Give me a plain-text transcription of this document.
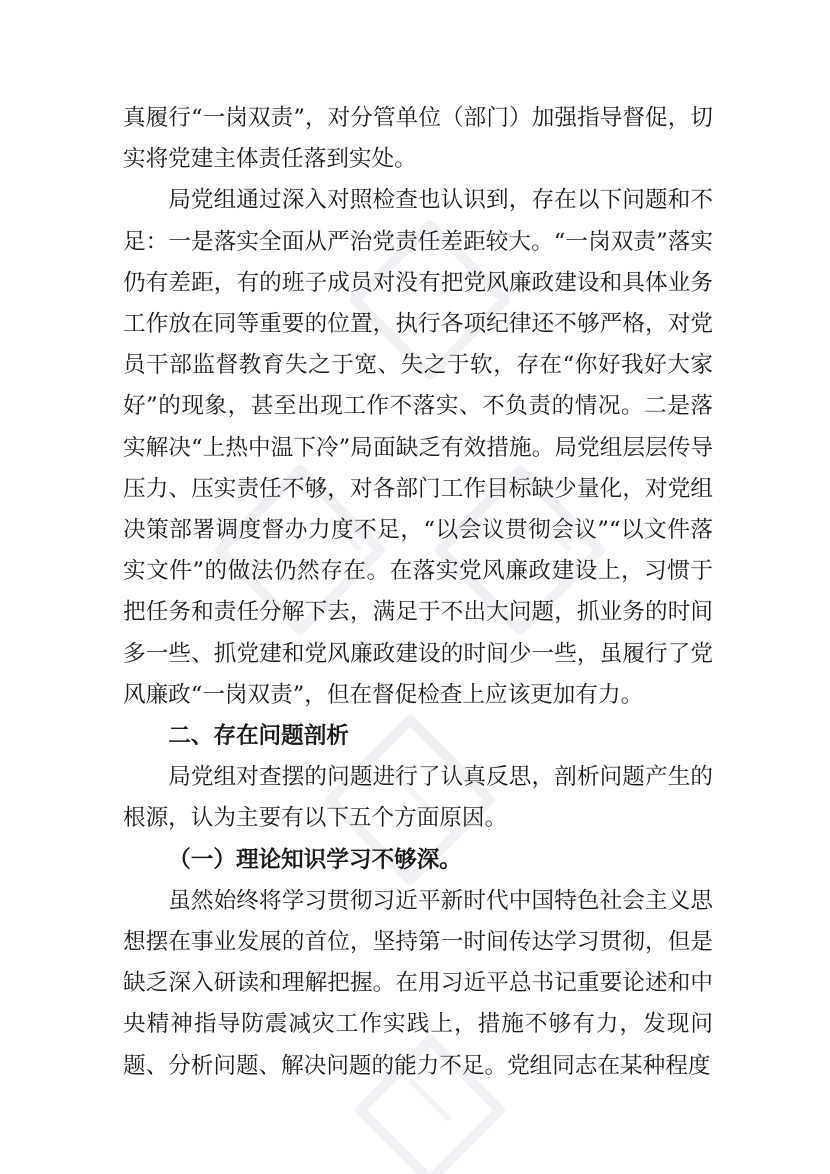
真履行“一岗双责”，对分管单位（部门）加强指导督促，切实将党建主体责任落到实处。

局党组通过深入对照检查也认识到，存在以下问题和不足：一是落实全面从严治党责任差距较大。“一岗双责”落实仍有差距，有的班子成员对没有把党风廉政建设和具体业务工作放在同等重要的位置，执行各项纪律还不够严格，对党员干部监督教育失之于宽、失之于软，存在“你好我好大家好”的现象，甚至出现工作不落实、不负责的情况。二是落实解决“上热中温下冷”局面缺乏有效措施。局党组层层传导压力、压实责任不够，对各部门工作目标缺少量化，对党组决策部署调度督办力度不足，“以会议贯彻会议”“以文件落实文件”的做法仍然存在。在落实党风廉政建设上，习惯于把任务和责任分解下去，满足于不出大问题，抓业务的时间多一些、抓党建和党风廉政建设的时间少一些，虽履行了党风廉政“一岗双责”，但在督促检查上应该更加有力。

二、存在问题剖析

局党组对查摆的问题进行了认真反思，剖析问题产生的根源，认为主要有以下五个方面原因。

（一）理论知识学习不够深。

虽然始终将学习贯彻习近平新时代中国特色社会主义思想摆在事业发展的首位，坚持第一时间传达学习贯彻，但是缺乏深入研读和理解把握。在用习近平总书记重要论述和中央精神指导防震减灾工作实践上，措施不够有力，发现问题、分析问题、解决问题的能力不足。党组同志在某种程度
